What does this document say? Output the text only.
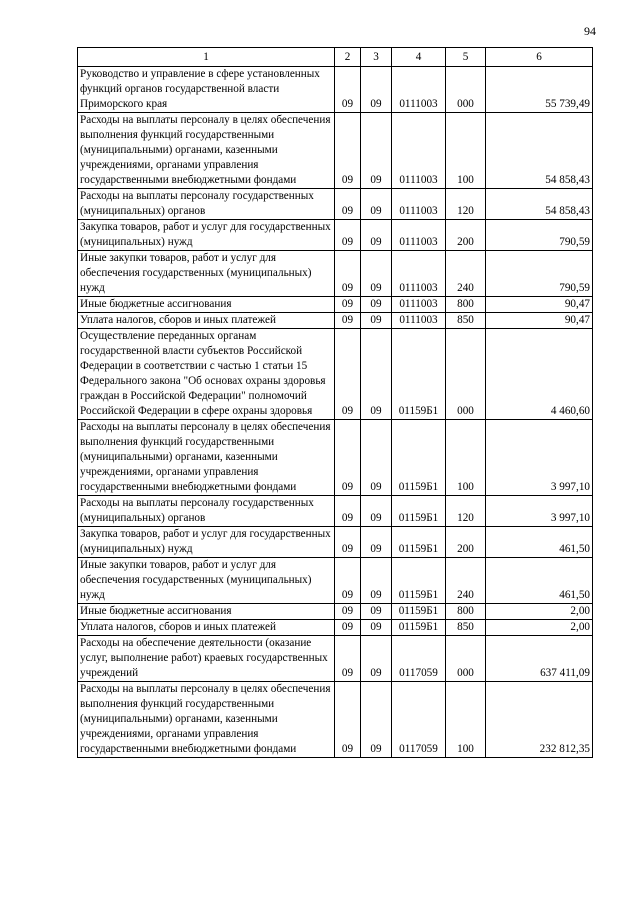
94
1	2	3	4	5	6
Руководство и управление в сфере установленных функций органов государственной власти Приморского края	09	09	0111003	000	55 739,49
Расходы на выплаты персоналу в целях обеспечения выполнения функций государственными (муниципальными) органами, казенными учреждениями, органами управления государственными внебюджетными фондами	09	09	0111003	100	54 858,43
Расходы на выплаты персоналу государственных (муниципальных) органов	09	09	0111003	120	54 858,43
Закупка товаров, работ и услуг для государственных (муниципальных) нужд	09	09	0111003	200	790,59
Иные закупки товаров, работ и услуг для обеспечения государственных (муниципальных) нужд	09	09	0111003	240	790,59
Иные бюджетные ассигнования	09	09	0111003	800	90,47
Уплата налогов, сборов и иных платежей	09	09	0111003	850	90,47
Осуществление переданных органам государственной власти субъектов Российской Федерации в соответствии с частью 1 статьи 15 Федерального закона "Об основах охраны здоровья граждан в Российской Федерации" полномочий Российской Федерации в сфере охраны здоровья	09	09	01159Б1	000	4 460,60
Расходы на выплаты персоналу в целях обеспечения выполнения функций государственными (муниципальными) органами, казенными учреждениями, органами управления государственными внебюджетными фондами	09	09	01159Б1	100	3 997,10
Расходы на выплаты персоналу государственных (муниципальных) органов	09	09	01159Б1	120	3 997,10
Закупка товаров, работ и услуг для государственных (муниципальных) нужд	09	09	01159Б1	200	461,50
Иные закупки товаров, работ и услуг для обеспечения государственных (муниципальных) нужд	09	09	01159Б1	240	461,50
Иные бюджетные ассигнования	09	09	01159Б1	800	2,00
Уплата налогов, сборов и иных платежей	09	09	01159Б1	850	2,00
Расходы на обеспечение деятельности (оказание услуг, выполнение работ) краевых государственных учреждений	09	09	0117059	000	637 411,09
Расходы на выплаты персоналу в целях обеспечения выполнения функций государственными (муниципальными) органами, казенными учреждениями, органами управления государственными внебюджетными фондами	09	09	0117059	100	232 812,35
